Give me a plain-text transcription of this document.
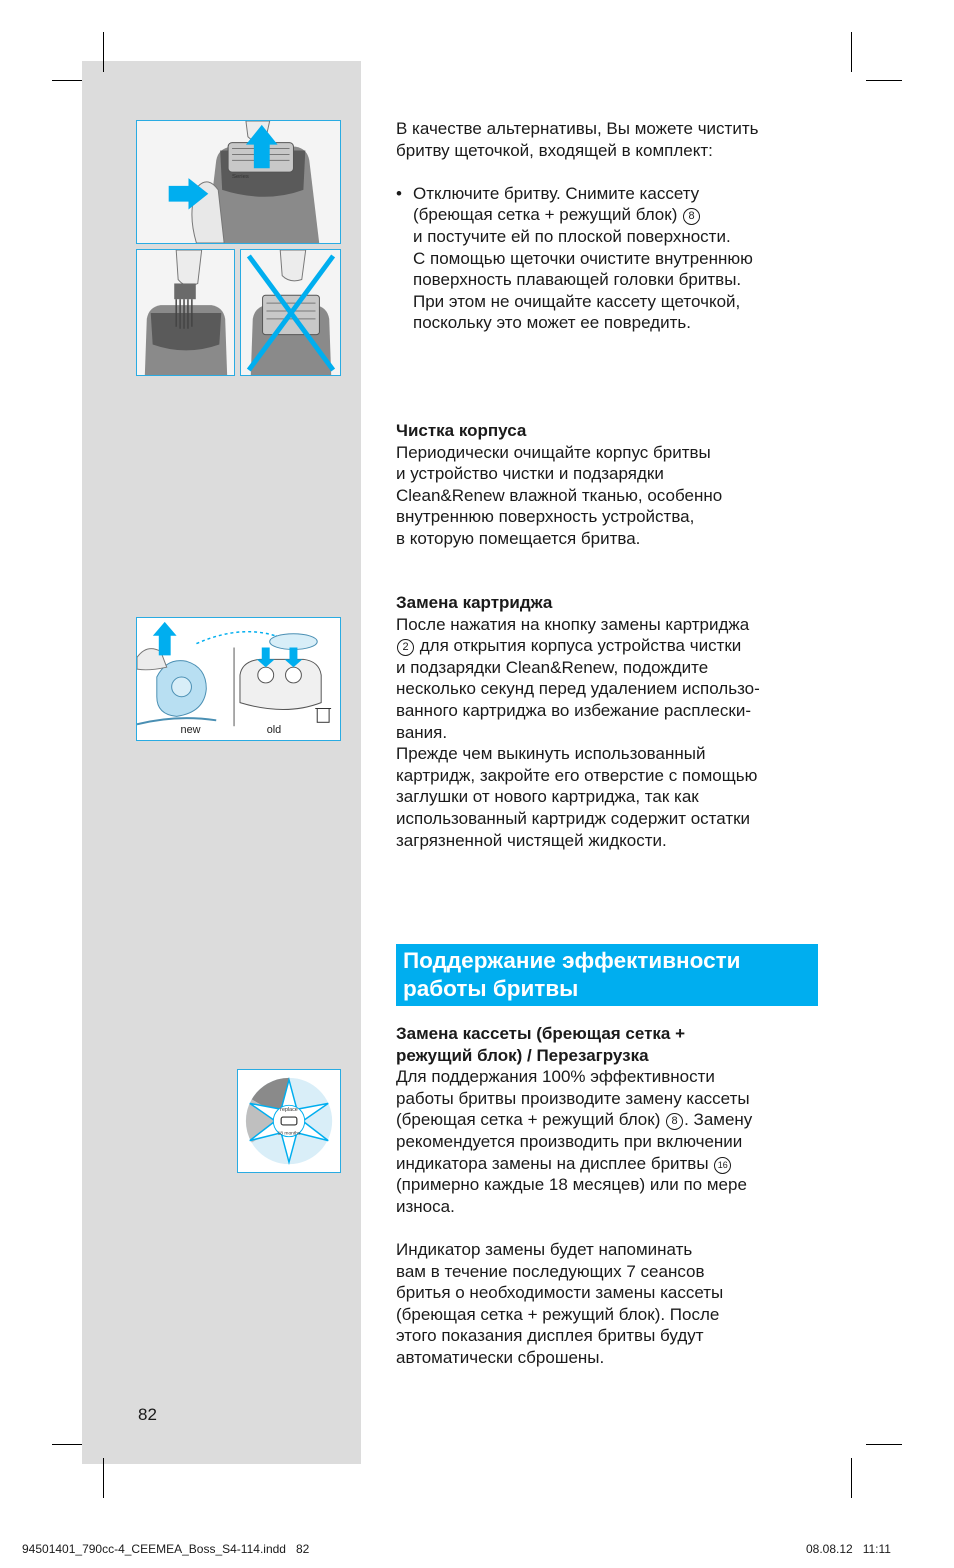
Series
new	old
replace
18 months

В качестве альтернативы, Вы можете чистить

бритву щеточкой, входящей в комплект:

• Отключите бритву. Снимите кассету

(бреющая сетка + режущий блок) 8

и постучите ей по плоской поверхности.

С помощью щеточки очистите внутреннюю

поверхность плавающей головки бритвы.

При этом не очищайте кассету щеточкой,

поскольку это может ее повредить.

Чистка корпуса

Периодически очищайте корпус бритвы

и устройство чистки и подзарядки

Clean&Renew влажной тканью, особенно

внутреннюю поверхность устройства,

в которую помещается бритва.

Замена картриджа

После нажатия на кнопку замены картриджа

2 для открытия корпуса устройства чистки

и подзарядки Clean&Renew, подождите

несколько секунд перед удалением использо-

ванного картриджа во избежание расплески-

вания.

Прежде чем выкинуть использованный

картридж, закройте его отверстие с помощью

заглушки от нового картриджа, так как

использованный картридж содержит остатки

загрязненной чистящей жидкости.

Поддержание эффективности
работы бритвы

Замена кассеты (бреющая сетка +

режущий блок) / Перезагрузка

Для поддержания 100% эффективности

работы бритвы производите замену кассеты

(бреющая сетка + режущий блок) 8 . Замену

рекомендуется производить при включении

индикатора замены на дисплее бритвы 16

(примерно каждые 18 месяцев) или по мере

износа.

Индикатор замены будет напоминать

вам в течение последующих 7 сеансов

бритья о необходимости замены кассеты

(бреющая сетка + режущий блок). После

этого показания дисплея бритвы будут

автоматически сброшены.

82
94501401_790cc-4_CEEMEA_Boss_S4-114.indd   82	08.08.12   11:11
